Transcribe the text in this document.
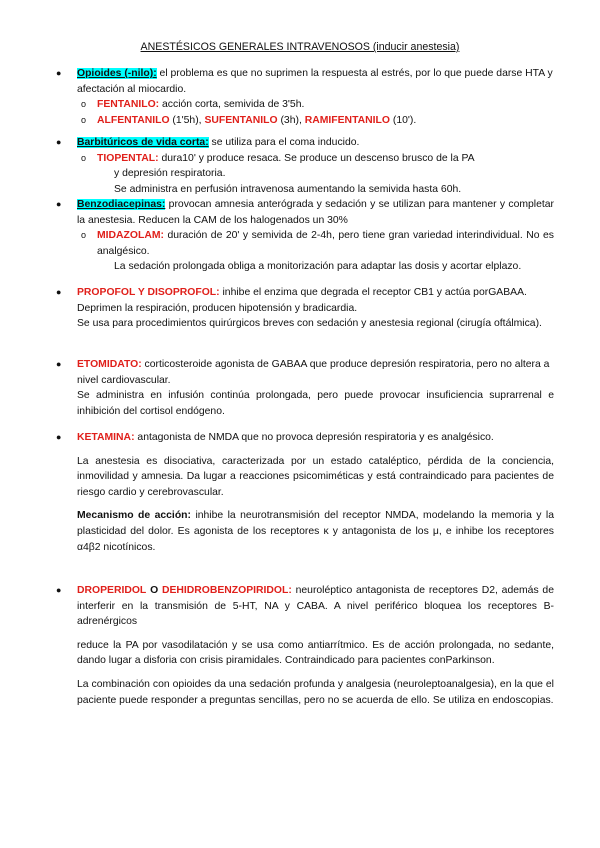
ANESTÉSICOS GENERALES INTRAVENOSOS (inducir anestesia)
●	Opioides (-nilo): el problema es que no suprimen la respuesta al estrés, por lo que puede darse HTA y afectación al miocardio.
o FENTANILO: acción corta, semivida de 3'5h.
o ALFENTANILO (1'5h), SUFENTANILO (3h), RAMIFENTANILO (10').
●	Barbitúricos de vida corta: se utiliza para el coma inducido.
o TIOPENTAL: dura10' y produce resaca. Se produce un descenso brusco de la PA
y depresión respiratoria.
Se administra en perfusión intravenosa aumentando la semivida hasta 60h.
●	Benzodiacepinas: provocan amnesia anterógrada y sedación y se utilizan para mantener y completar la anestesia. Reducen la CAM de los halogenados un 30%
o MIDAZOLAM: duración de 20' y semivida de 2-4h, pero tiene gran variedad interindividual. No es analgésico.
La sedación prolongada obliga a monitorización para adaptar las dosis y acortar elplazo.
●	PROPOFOL Y DISOPROFOL: inhibe el enzima que degrada el receptor CB1 y actúa porGABAA. Deprimen la respiración, producen hipotensión y bradicardia.
Se usa para procedimientos quirúrgicos breves con sedación y anestesia regional (cirugía oftálmica).
●	ETOMIDATO: corticosteroide agonista de GABAA que produce depresión respiratoria, pero no altera a nivel cardiovascular.
Se administra en infusión continúa prolongada, pero puede provocar insuficiencia suprarrenal e inhibición del cortisol endógeno.
●	KETAMINA: antagonista de NMDA que no provoca depresión respiratoria y es analgésico.
La anestesia es disociativa, caracterizada por un estado cataléptico, pérdida de la conciencia, inmovilidad y amnesia. Da lugar a reacciones psicomiméticas y está contraindicado para pacientes de riesgo cardio y cerebrovascular.
Mecanismo de acción: inhibe la neurotransmisión del receptor NMDA, modelando la memoria y la plasticidad del dolor. Es agonista de los receptores κ y antagonista de los μ, e inhibe los receptores α4β2 nicotínicos.
●	DROPERIDOL O DEHIDROBENZOPIRIDOL: neuroléptico antagonista de receptores D2, además de interferir en la transmisión de 5-HT, NA y CABA. A nivel periférico bloquea los receptores B-adrenérgicos
reduce la PA por vasodilatación y se usa como antiarrítmico. Es de acción prolongada, no sedante, dando lugar a disforia con crisis piramidales. Contraindicado para pacientes conParkinson.
La combinación con opioides da una sedación profunda y analgesia (neuroleptoanalgesia), en la que el paciente puede responder a preguntas sencillas, pero no se acuerda de ello. Se utiliza en endoscopias.
